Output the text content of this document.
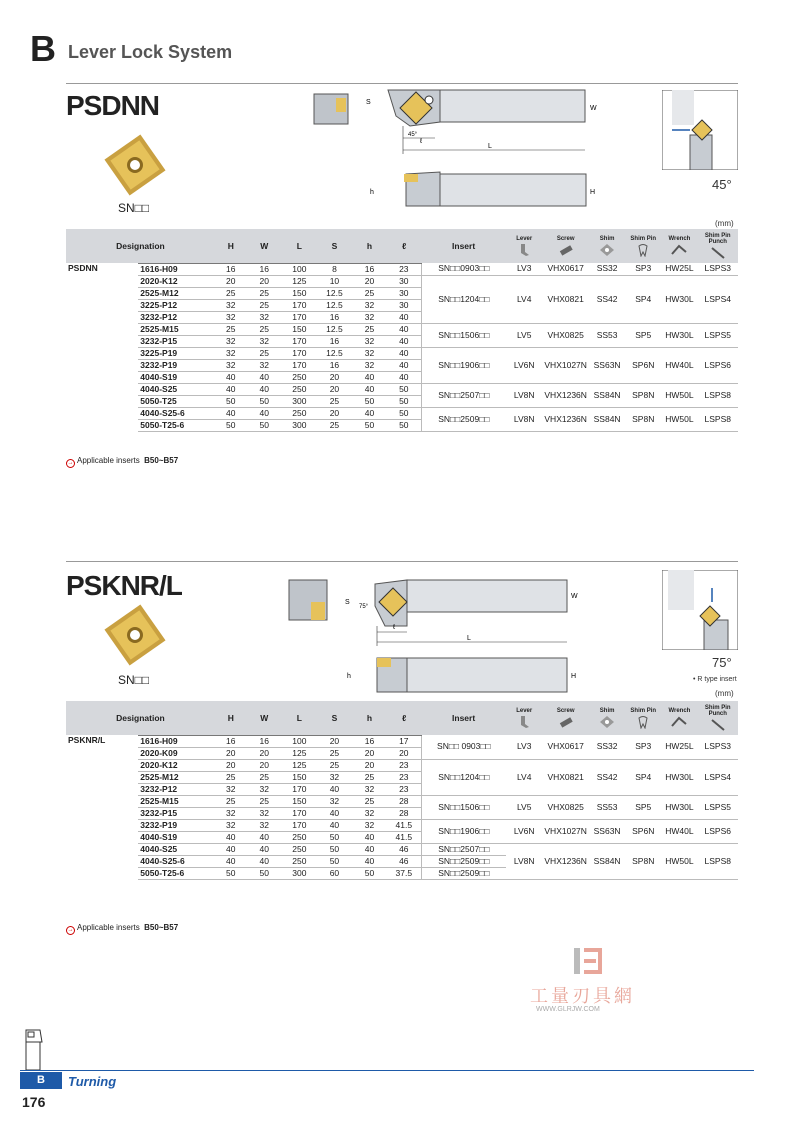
B Lever Lock System
PSDNN
SN□□
S
W
L
ℓ
45°
h	H
45°
(mm)
Designation		H	W	L	S	h	ℓ	Insert	Lever	Screw	Shim	Shim Pin	Wrench	Shim Pin Punch

PSDNN	1616-H09	16	16	100	8	16	23	SN□□0903□□	LV3	VHX0617	SS32	SP3	HW25L	LSPS3
	2020-K12	20	20	125	10	20	30	SN□□1204□□	LV4	VHX0821	SS42	SP4	HW30L	LSPS4
	2525-M12	25	25	150	12.5	25	30							
	3225-P12	32	25	170	12.5	32	30							
	3232-P12	32	32	170	16	32	40							
	2525-M15	25	25	150	12.5	25	40	SN□□1506□□	LV5	VHX0825	SS53	SP5	HW30L	LSPS5
	3232-P15	32	32	170	16	32	40							
	3225-P19	32	25	170	12.5	32	40	SN□□1906□□	LV6N	VHX1027N	SS63N	SP6N	HW40L	LSPS6
	3232-P19	32	32	170	16	32	40							
	4040-S19	40	40	250	20	40	40							
	4040-S25	40	40	250	20	40	50	SN□□2507□□	LV8N	VHX1236N	SS84N	SP8N	HW50L	LSPS8
	5050-T25	50	50	300	25	50	50							
	4040-S25-6	40	40	250	20	40	50	SN□□2509□□	LV8N	VHX1236N	SS84N	SP8N	HW50L	LSPS8
	5050-T25-6	50	50	300	25	50	50							
→ Applicable inserts B50~B57
PSKNR/L
SN□□
S
75°
W
L
ℓ
h	H
75°
• R type insert
(mm)
Designation		H	W	L	S	h	ℓ	Insert	Lever	Screw	Shim	Shim Pin	Wrench	Shim Pin Punch

PSKNR/L	1616-H09	16	16	100	20	16	17	SN□□ 0903□□	LV3	VHX0617	SS32	SP3	HW25L	LSPS3
	2020-K09	20	20	125	25	20	20							
	2020-K12	20	20	125	25	20	23	SN□□1204□□	LV4	VHX0821	SS42	SP4	HW30L	LSPS4
	2525-M12	25	25	150	32	25	23							
	3232-P12	32	32	170	40	32	23							
	2525-M15	25	25	150	32	25	28	SN□□1506□□	LV5	VHX0825	SS53	SP5	HW30L	LSPS5
	3232-P15	32	32	170	40	32	28							
	3232-P19	32	32	170	40	32	41.5	SN□□1906□□	LV6N	VHX1027N	SS63N	SP6N	HW40L	LSPS6
	4040-S19	40	40	250	50	40	41.5							
	4040-S25	40	40	250	50	40	46	SN□□2507□□	LV8N	VHX1236N	SS84N	SP8N	HW50L	LSPS8
	4040-S25-6	40	40	250	50	40	46	SN□□2509□□						
	5050-T25-6	50	50	300	60	50	37.5	SN□□2509□□						
→ Applicable inserts B50~B57
工量刃具網
WWW.GLRJW.COM
B	Turning
176
